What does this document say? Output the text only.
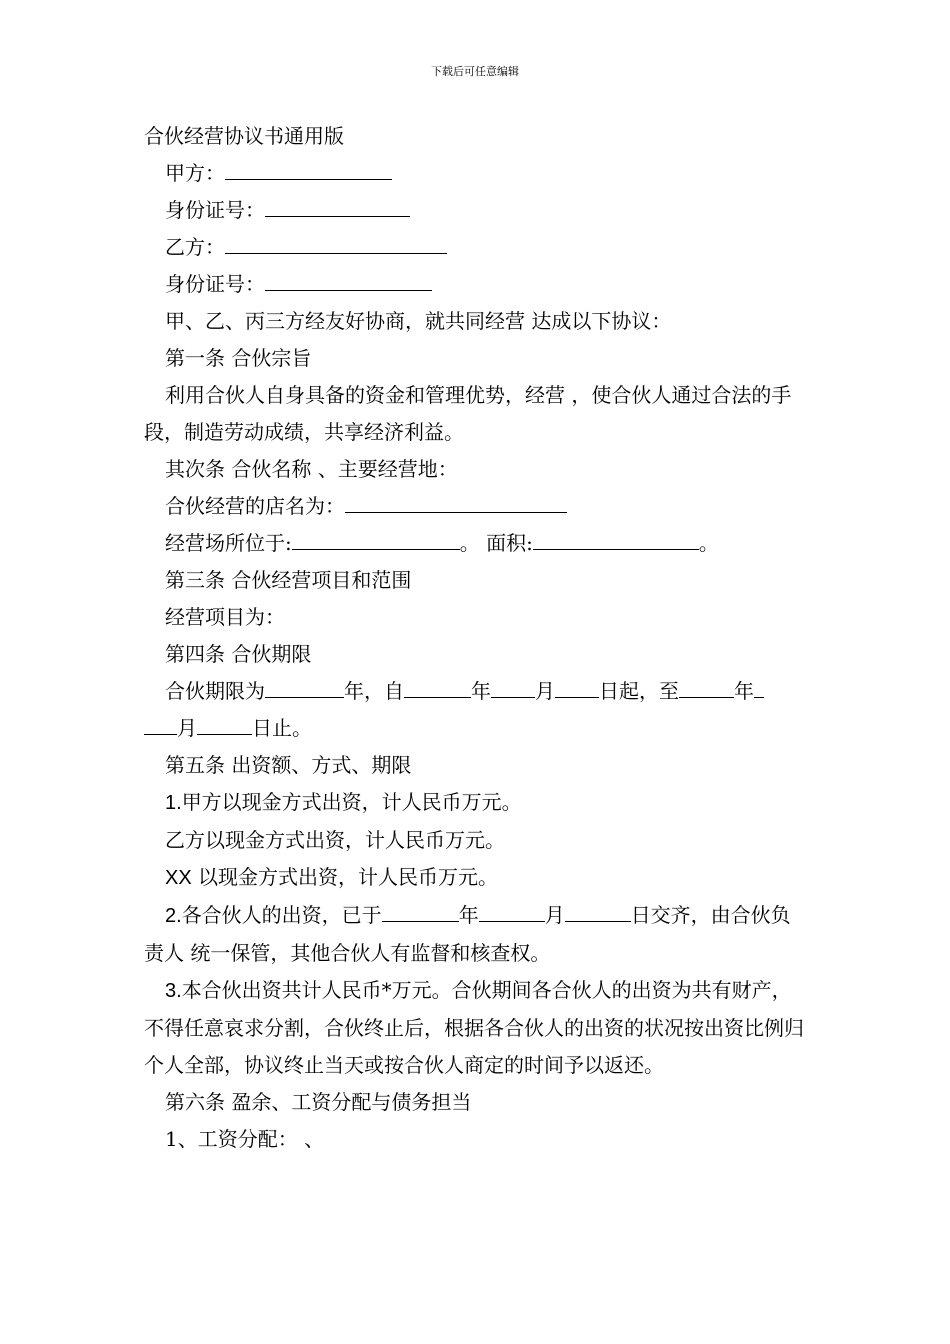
下载后可任意编辑

合伙经营协议书通用版

甲方：

身份证号：

乙方：

身份证号：

甲、乙、丙三方经友好协商，就共同经营 达成以下协议：

第一条 合伙宗旨

利用合伙人自身具备的资金和管理优势，经营 ，使合伙人通过合法的手段，制造劳动成绩，共享经济利益。

其次条 合伙名称 、主要经营地：

合伙经营的店名为：

经营场所位于:	。 面积:	。

第三条 合伙经营项目和范围

经营项目为：

第四条 合伙期限

合伙期限为	年，自	年 月 日起，至	年

月	日止。

第五条 出资额、方式、期限

1.甲方以现金方式出资，计人民币万元。

乙方以现金方式出资，计人民币万元。

XX 以现金方式出资，计人民币万元。

2.各合伙人的出资，已于	年	月	日交齐，由合伙负责人 统一保管，其他合伙人有监督和核查权。

3.本合伙出资共计人民币*万元。合伙期间各合伙人的出资为共有财产，不得任意哀求分割，合伙终止后，根据各合伙人的出资的状况按出资比例归个人全部，协议终止当天或按合伙人商定的时间予以返还。

第六条 盈余、工资分配与债务担当

1、工资分配： 、
